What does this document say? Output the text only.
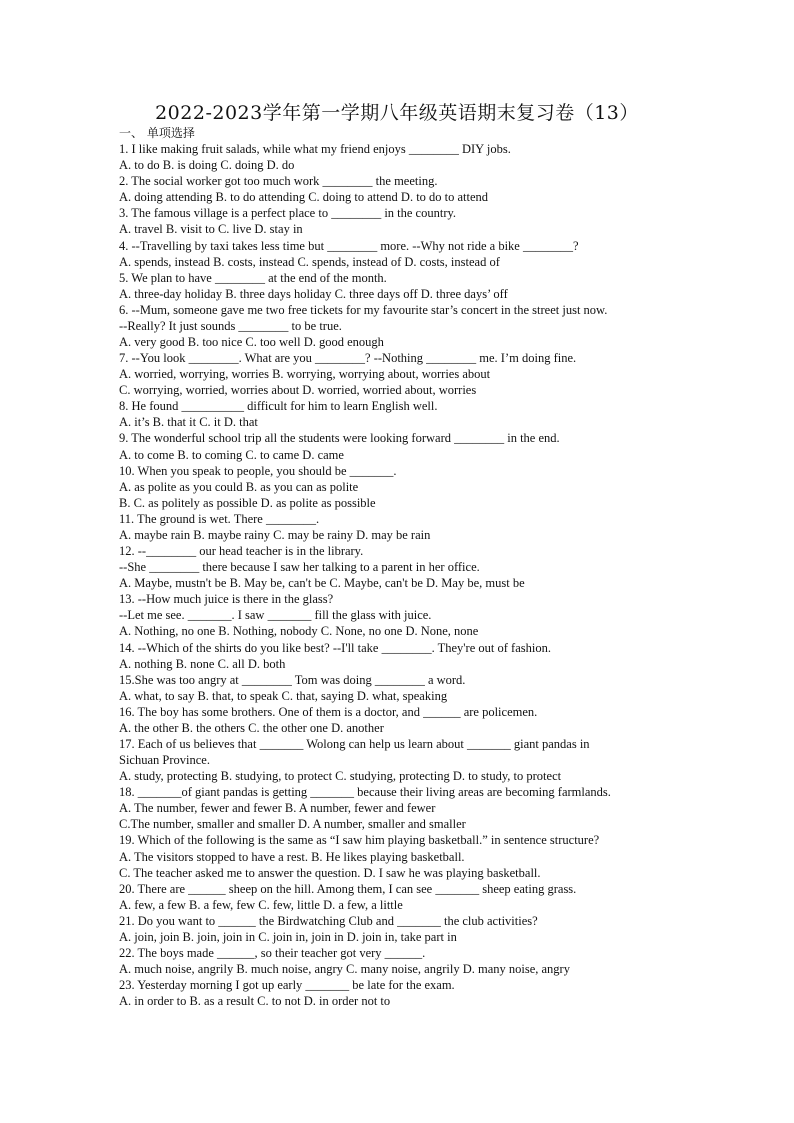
2022-2023学年第一学期八年级英语期末复习卷（13）
一、 单项选择
1. I like making fruit salads, while what my friend enjoys ________ DIY jobs.
A. to do B. is doing C. doing D. do
2. The social worker got too much work ________ the meeting.
A. doing attending B. to do attending C. doing to attend D. to do to attend
3. The famous village is a perfect place to ________ in the country.
A. travel B. visit to C. live D. stay in
4. --Travelling by taxi takes less time but ________ more. --Why not ride a bike ________?
A. spends, instead B. costs, instead C. spends, instead of D. costs, instead of
5. We plan to have ________ at the end of the month.
A. three-day holiday B. three days holiday C. three days off D. three days’ off
6. --Mum, someone gave me two free tickets for my favourite star’s concert in the street just now.
--Really? It just sounds ________ to be true.
A. very good B. too nice C. too well D. good enough
7. --You look ________. What are you ________? --Nothing ________ me. I’m doing fine.
A. worried, worrying, worries B. worrying, worrying about, worries about
C. worrying, worried, worries about D. worried, worried about, worries
8. He found __________ difficult for him to learn English well.
A. it’s B. that it C. it D. that
9. The wonderful school trip all the students were looking forward ________ in the end.
A. to come B. to coming C. to came D. came
10. When you speak to people, you should be _______.
A. as polite as you could B. as you can as polite
B. C. as politely as possible D. as polite as possible
11. The ground is wet. There ________.
A. maybe rain B. maybe rainy C. may be rainy D. may be rain
12. --________ our head teacher is in the library.
--She ________ there because I saw her talking to a parent in her office.
A. Maybe, mustn't be B. May be, can't be C. Maybe, can't be D. May be, must be
13. --How much juice is there in the glass?
--Let me see. _______. I saw _______ fill the glass with juice.
A. Nothing, no one B. Nothing, nobody C. None, no one D. None, none
14. --Which of the shirts do you like best? --I'll take ________. They're out of fashion.
A. nothing B. none C. all D. both
15.She was too angry at ________ Tom was doing ________ a word.
A. what, to say B. that, to speak C. that, saying D. what, speaking
16. The boy has some brothers. One of them is a doctor, and ______ are policemen.
A. the other B. the others C. the other one D. another
17. Each of us believes that _______ Wolong can help us learn about _______ giant pandas in
Sichuan Province.
A. study, protecting B. studying, to protect C. studying, protecting D. to study, to protect
18. _______of giant pandas is getting _______ because their living areas are becoming farmlands.
A. The number, fewer and fewer B. A number, fewer and fewer
C.The number, smaller and smaller D. A number, smaller and smaller
19. Which of the following is the same as “I saw him playing basketball.” in sentence structure?
A. The visitors stopped to have a rest. B. He likes playing basketball.
C. The teacher asked me to answer the question. D. I saw he was playing basketball.
20. There are ______ sheep on the hill. Among them, I can see _______ sheep eating grass.
A. few, a few B. a few, few C. few, little D. a few, a little
21. Do you want to ______ the Birdwatching Club and _______ the club activities?
A. join, join B. join, join in C. join in, join in D. join in, take part in
22. The boys made ______, so their teacher got very ______.
A. much noise, angrily B. much noise, angry C. many noise, angrily D. many noise, angry
23. Yesterday morning I got up early _______ be late for the exam.
A. in order to B. as a result C. to not D. in order not to
